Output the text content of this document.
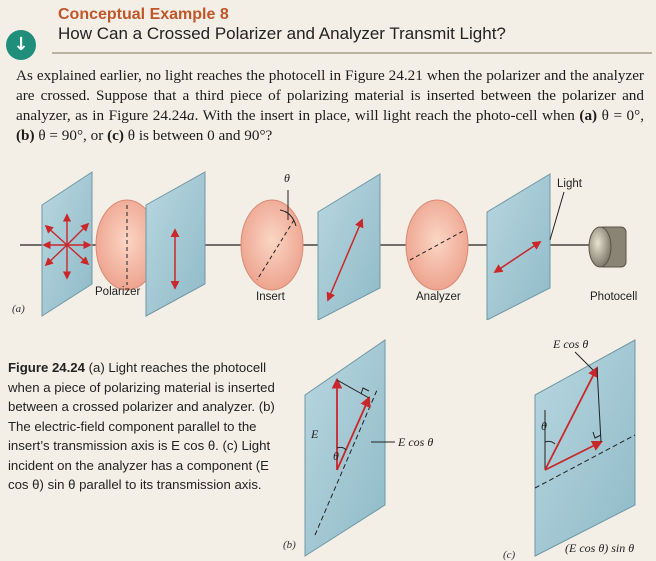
↓
Conceptual Example 8
How Can a Crossed Polarizer and Analyzer Transmit Light?

As explained earlier, no light reaches the photocell in Figure 24.21 when the polarizer and the analyzer are crossed. Suppose that a third piece of polarizing material is inserted between the polarizer and analyzer, as in Figure 24.24a. With the insert in place, will light reach the photo-cell when (a) θ = 0°, (b) θ = 90°, or (c) θ is between 0 and 90°?

Polarizer
θ
Insert	Analyzer
Light
Photocell
(a)

Figure 24.24 (a) Light reaches the photocell when a piece of polarizing material is inserted between a crossed polarizer and analyzer. (b) The electric-field component parallel to the insert’s transmission axis is E cos θ. (c) Light incident on the analyzer has a component (E cos θ) sin θ parallel to its transmission axis.

E
θ
E cos θ
(b)
θ
E cos θ
(E cos θ) sin θ
(c)
